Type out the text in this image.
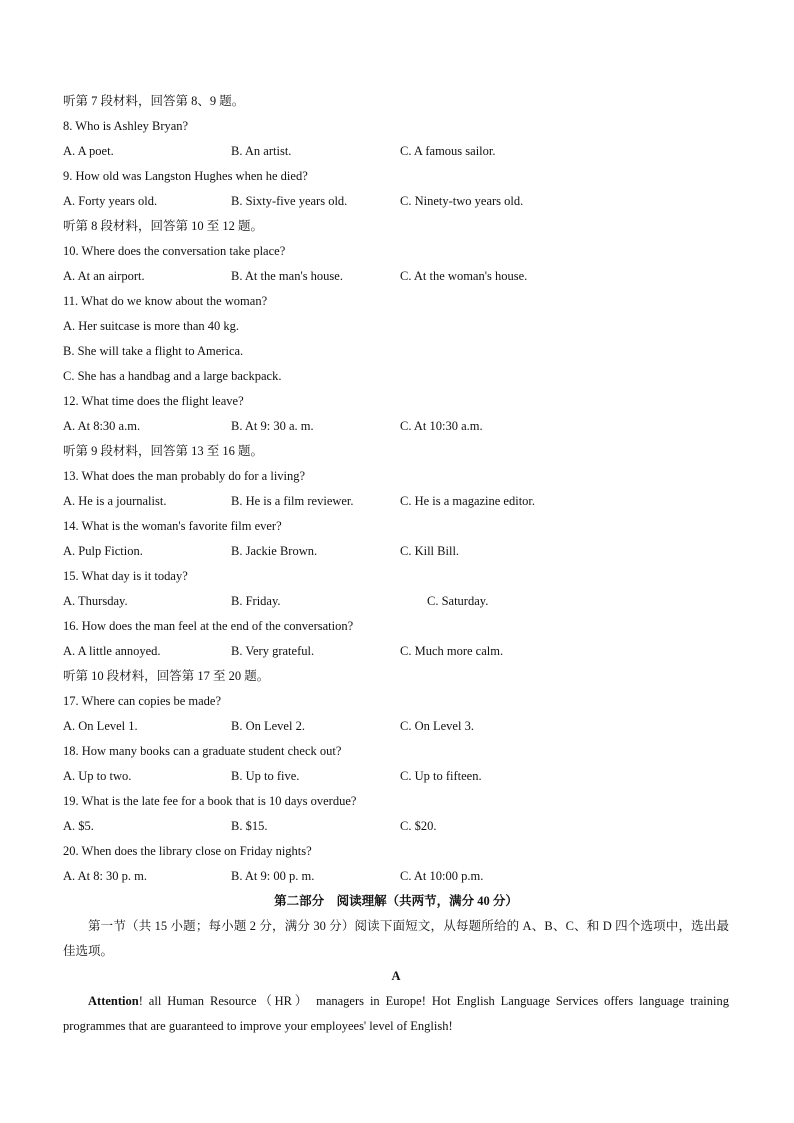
听第 7 段材料，回答第 8、9 题。
8. Who is Ashley Bryan?
A. A poet.	B. An artist.	C. A famous sailor.
9. How old was Langston Hughes when he died?
A. Forty years old.	B. Sixty-five years old.	C. Ninety-two years old.
听第 8 段材料，回答第 10 至 12 题。
10. Where does the conversation take place?
A. At an airport.	B. At the man's house.	C. At the woman's house.
11. What do we know about the woman?
A. Her suitcase is more than 40 kg.
B. She will take a flight to America.
C. She has a handbag and a large backpack.
12. What time does the flight leave?
A. At 8:30 a.m.	B. At 9: 30 a. m.	C. At 10:30 a.m.
听第 9 段材料，回答第 13 至 16 题。
13. What does the man probably do for a living?
A. He is a journalist.	B. He is a film reviewer.	C. He is a magazine editor.
14. What is the woman's favorite film ever?
A. Pulp Fiction.	B. Jackie Brown.	C. Kill Bill.
15. What day is it today?
A. Thursday.	B. Friday.	C. Saturday.
16. How does the man feel at the end of the conversation?
A. A little annoyed.	B. Very grateful.	C. Much more calm.
听第 10 段材料，回答第 17 至 20 题。
17. Where can copies be made?
A. On Level 1.	B. On Level 2.	C. On Level 3.
18. How many books can a graduate student check out?
A. Up to two.	B. Up to five.	C. Up to fifteen.
19. What is the late fee for a book that is 10 days overdue?
A. $5.	B. $15.	C. $20.
20. When does the library close on Friday nights?
A. At 8: 30 p. m.	B. At 9: 00 p. m.	C. At 10:00 p.m.
第二部分　阅读理解（共两节，满分 40 分）
第一节（共 15 小题；每小题 2 分，满分 30 分）阅读下面短文，从每题所给的 A、B、C、和 D 四个选项中，选出最佳选项。
A
Attention! all Human Resource（HR） managers in Europe! Hot English Language Services offers language training programmes that are guaranteed to improve your employees' level of English!
